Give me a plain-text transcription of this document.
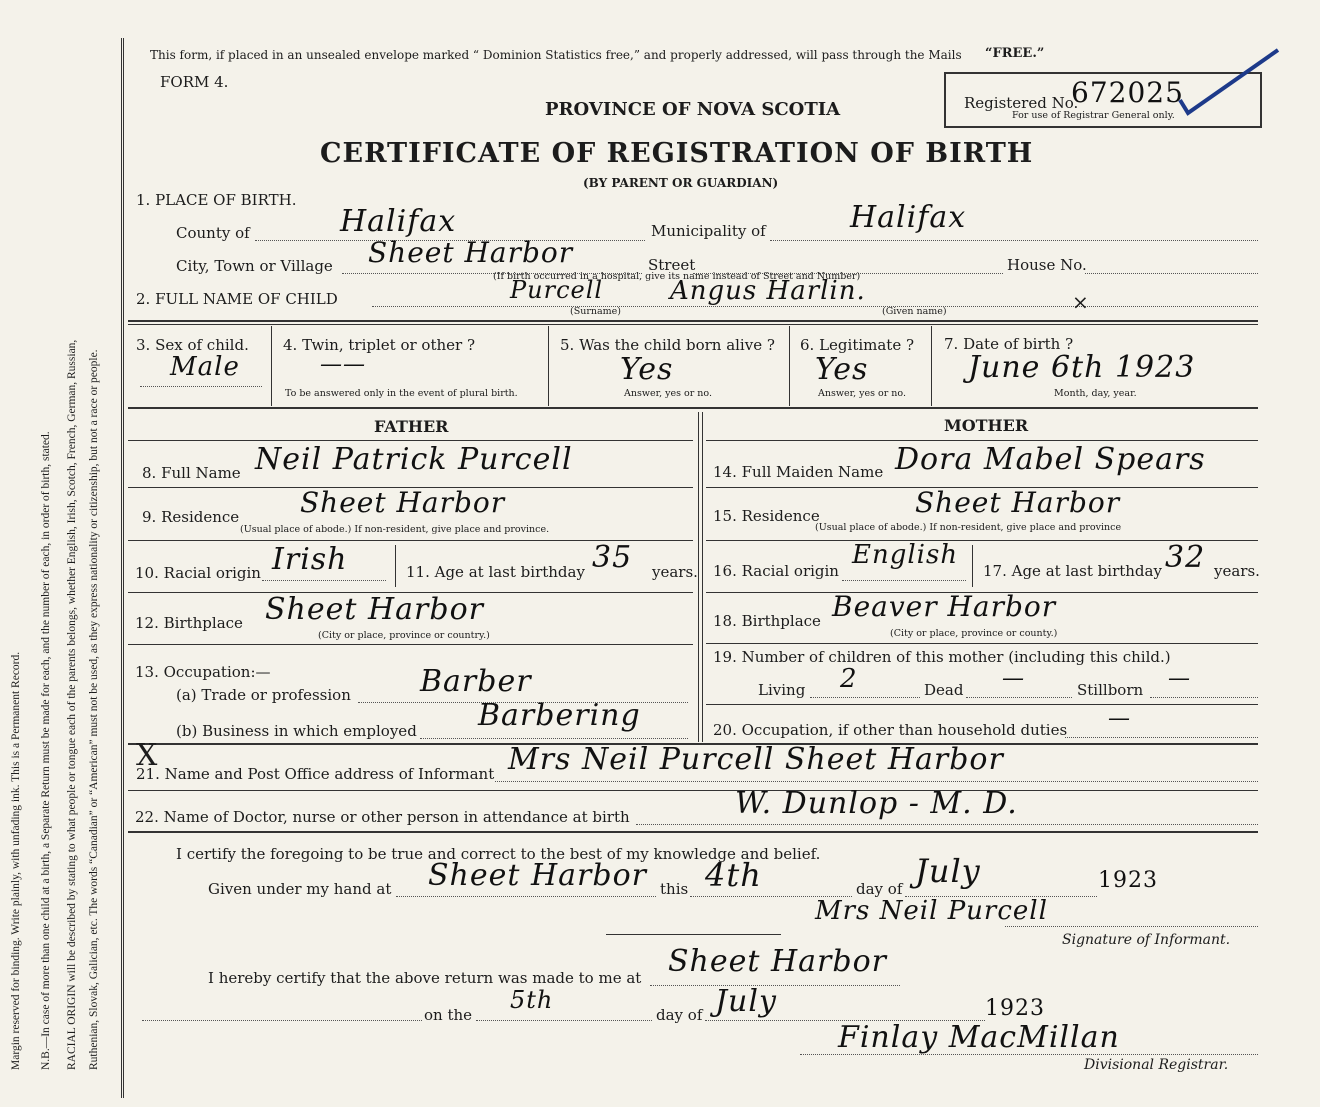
Margin reserved for binding. Write plainly, with unfading ink. This is a Permanent Record. N.B.—In case of more than one child at a birth, a Separate Return must be made for each, and the number of each, in order of birth, stated. RACIAL ORIGIN will be described by stating to what people or tongue each of the parents belongs, whether English, Irish, Scotch, French, German, Russian, Ruthenian, Slovak, Galician, etc. The words “Canadian” or “American” must not be used, as they express nationality or citizenship, but not a race or people.
This form, if placed in an unsealed envelope marked “ Dominion Statistics free,” and properly addressed, will pass through the Mails “FREE.”
FORM 4.
PROVINCE OF NOVA SCOTIA
CERTIFICATE OF REGISTRATION OF BIRTH
(BY PARENT OR GUARDIAN)
Registered No.
672025
For use of Registrar General only.
1. PLACE OF BIRTH.
County of	Halifax	Municipality of	Halifax
City, Town or Village Sheet Harbor	Street	House No.
(If birth occurred in a hospital, give its name instead of Street and Number)
2. FULL NAME OF CHILD	Purcell	Angus Harlin.
(Surname)	(Given name)	×
3. Sex of child.
Male
4. Twin, triplet or other ?
——
To be answered only in the event of plural birth.
5. Was the child born alive ?
Yes
Answer, yes or no.
6. Legitimate ?
Yes
Answer, yes or no.
7. Date of birth ?
June 6th 1923
Month, day, year.
FATHER	MOTHER
8. Full Name Neil Patrick Purcell	14. Full Maiden Name Dora Mabel Spears
9. Residence Sheet Harbor
(Usual place of abode.) If non-resident, give place and province.
15. Residence	Sheet Harbor
(Usual place of abode.) If non-resident, give place and province
10. Racial origin Irish	11. Age at last birthday 35 years. 16. Racial origin
English
17. Age at last birthday 32 years.
12. Birthplace Sheet Harbor
(City or place, province or country.)
18. Birthplace Beaver Harbor
(City or place, province or county.)
13. Occupation:—
(a) Trade or profession Barber
(b) Business in which employed Barbering
19. Number of children of this mother (including this child.)
Living 2	Dead —	Stillborn —
20. Occupation, if other than household duties —
X
21. Name and Post Office address of Informant Mrs Neil Purcell Sheet Harbor
22. Name of Doctor, nurse or other person in attendance at birth	W. Dunlop - M. D.
I certify the foregoing to be true and correct to the best of my knowledge and belief.
Given under my hand at Sheet Harbor this 4th	day of July	1923
Mrs Neil Purcell
Signature of Informant.
I hereby certify that the above return was made to me at Sheet Harbor
on the
5th
day of July	1923
Finlay MacMillan
Divisional Registrar.
